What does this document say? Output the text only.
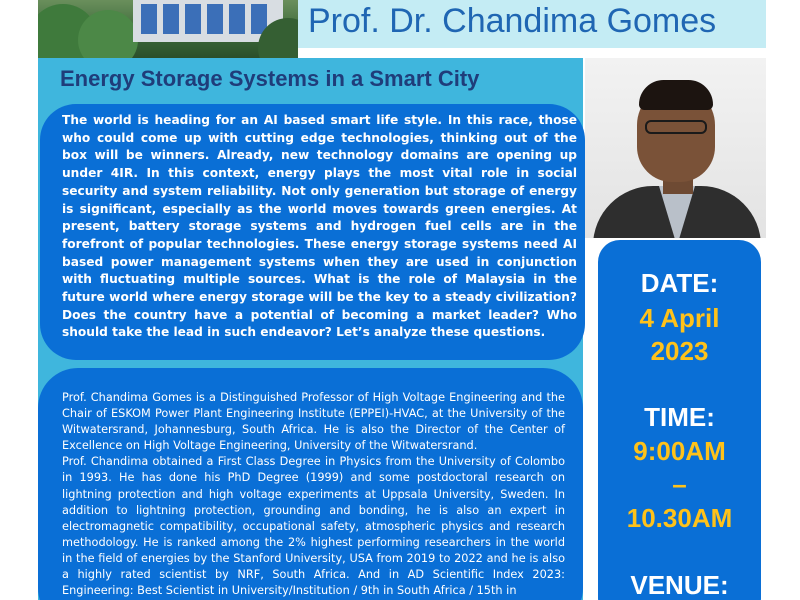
Prof. Dr. Chandima Gomes
Energy Storage Systems in a Smart City

The world is heading for an AI based smart life style. In this race, those who could come up with cutting edge technologies, thinking out of the box will be winners. Already, new technology domains are opening up under 4IR. In this context, energy plays the most vital role in social security and system reliability. Not only generation but storage of energy is significant, especially as the world moves towards green energies. At present, battery storage systems and hydrogen fuel cells are in the forefront of popular technologies. These energy storage systems need AI based power management systems when they are used in conjunction with fluctuating multiple sources. What is the role of Malaysia in the future world where energy storage will be the key to a steady civilization? Does the country have a potential of becoming a market leader? Who should take the lead in such endeavor? Let’s analyze these questions.

Prof. Chandima Gomes is a Distinguished Professor of High Voltage Engineering and the Chair of ESKOM Power Plant Engineering Institute (EPPEI)-HVAC, at the University of the Witwatersrand, Johannesburg, South Africa. He is also the Director of the Center of Excellence on High Voltage Engineering, University of the Witwatersrand.

Prof. Chandima obtained a First Class Degree in Physics from the University of Colombo in 1993. He has done his PhD Degree (1999) and some postdoctoral research on lightning protection and high voltage experiments at Uppsala University, Sweden. In addition to lightning protection, grounding and bonding, he is also an expert in electromagnetic compatibility, occupational safety, atmospheric physics and research methodology. He is ranked among the 2% highest performing researchers in the world in the field of energies by the Stanford University, USA from 2019 to 2022 and he is also a highly rated scientist by NRF, South Africa. And in AD Scientific Index 2023: Engineering: Best Scientist in University/Institution / 9th in South Africa / 15th in

DATE:
4 April
2023
TIME:
9:00AM
–
10.30AM
VENUE:
